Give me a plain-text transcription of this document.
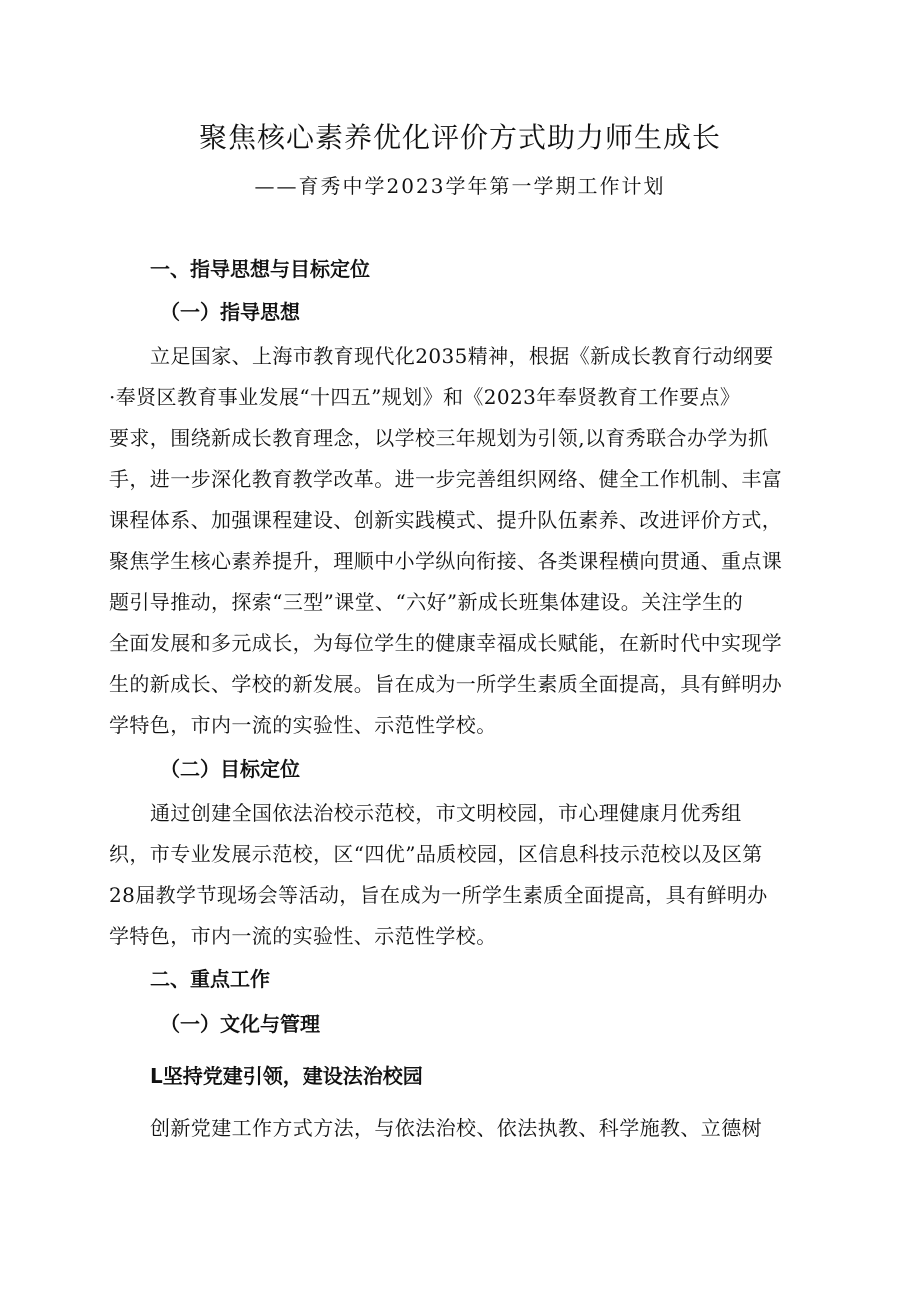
聚焦核心素养优化评价方式助力师生成长
——育秀中学2023学年第一学期工作计划
一、指导思想与目标定位
（一）指导思想
立足国家、上海市教育现代化2035精神，根据《新成长教育行动纲要
·奉贤区教育事业发展“十四五”规划》和《2023年奉贤教育工作要点》
要求，围绕新成长教育理念，以学校三年规划为引领,以育秀联合办学为抓
手，进一步深化教育教学改革。进一步完善组织网络、健全工作机制、丰富
课程体系、加强课程建设、创新实践模式、提升队伍素养、改进评价方式，
聚焦学生核心素养提升，理顺中小学纵向衔接、各类课程横向贯通、重点课
题引导推动，探索“三型”课堂、“六好”新成长班集体建设。关注学生的
全面发展和多元成长，为每位学生的健康幸福成长赋能，在新时代中实现学
生的新成长、学校的新发展。旨在成为一所学生素质全面提高，具有鲜明办
学特色，市内一流的实验性、示范性学校。
（二）目标定位
通过创建全国依法治校示范校，市文明校园，市心理健康月优秀组
织，市专业发展示范校，区“四优”品质校园，区信息科技示范校以及区第
28届教学节现场会等活动，旨在成为一所学生素质全面提高，具有鲜明办
学特色，市内一流的实验性、示范性学校。
二、重点工作
（一）文化与管理
L坚持党建引领，建设法治校园
创新党建工作方式方法，与依法治校、依法执教、科学施教、立德树
